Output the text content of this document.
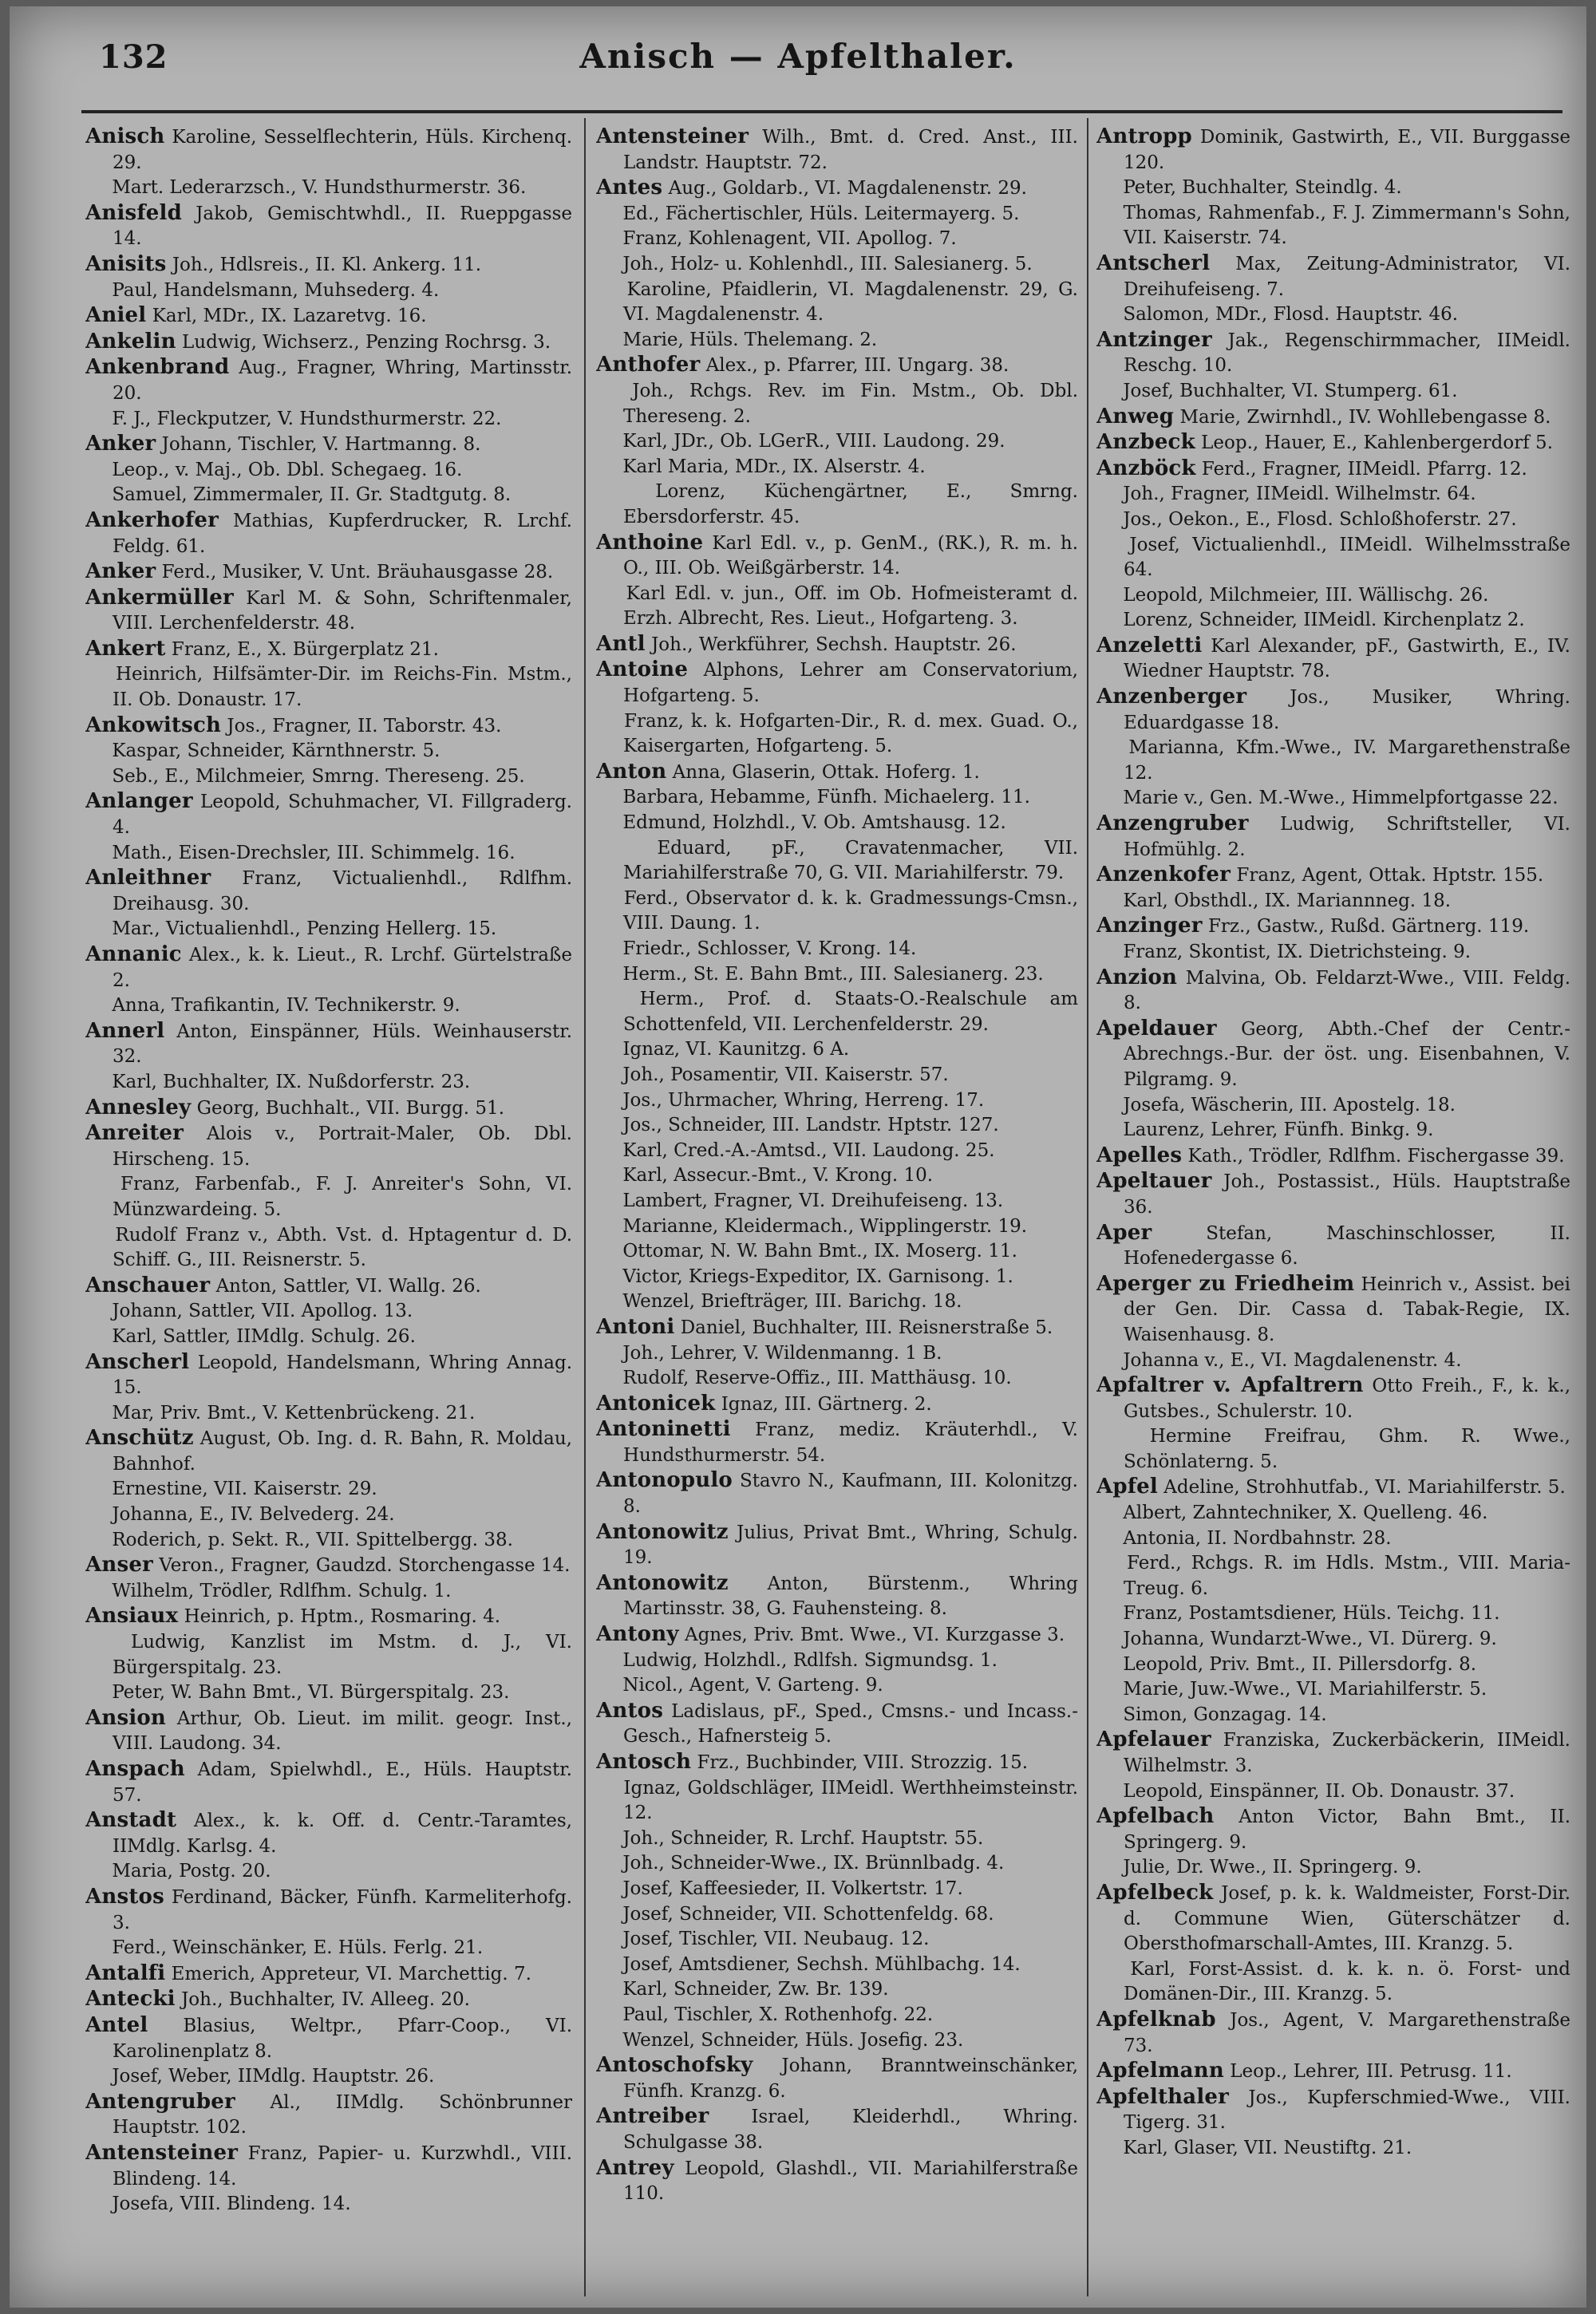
132	Anisch — Apfelthaler.

Anisch Karoline, Sesselflechterin, Hüls. Kirchenq. 29.

Mart. Lederarzsch., V. Hundsthurmerstr. 36.

Anisfeld Jakob, Gemischtwhdl., II. Rueppgasse 14.

Anisits Joh., Hdlsreis., II. Kl. Ankerg. 11.

Paul, Handelsmann, Muhsederg. 4.

Aniel Karl, MDr., IX. Lazaretvg. 16.

Ankelin Ludwig, Wichserz., Penzing Rochrsg. 3.

Ankenbrand Aug., Fragner, Whring, Martinsstr. 20.

F. J., Fleckputzer, V. Hundsthurmerstr. 22.

Anker Johann, Tischler, V. Hartmanng. 8.

Leop., v. Maj., Ob. Dbl. Schegaeg. 16.

Samuel, Zimmermaler, II. Gr. Stadtgutg. 8.

Ankerhofer Mathias, Kupferdrucker, R. Lrchf. Feldg. 61.

Anker Ferd., Musiker, V. Unt. Bräuhausgasse 28.

Ankermüller Karl M. & Sohn, Schriftenmaler, VIII. Lerchenfelderstr. 48.

Ankert Franz, E., X. Bürgerplatz 21.

Heinrich, Hilfsämter-Dir. im Reichs-Fin. Mstm., II. Ob. Donaustr. 17.

Ankowitsch Jos., Fragner, II. Taborstr. 43.

Kaspar, Schneider, Kärnthnerstr. 5.

Seb., E., Milchmeier, Smrng. Thereseng. 25.

Anlanger Leopold, Schuhmacher, VI. Fillgraderg. 4.

Math., Eisen-Drechsler, III. Schimmelg. 16.

Anleithner Franz, Victualienhdl., Rdlfhm. Dreihausg. 30.

Mar., Victualienhdl., Penzing Hellerg. 15.

Annanic Alex., k. k. Lieut., R. Lrchf. Gürtelstraße 2.

Anna, Trafikantin, IV. Technikerstr. 9.

Annerl Anton, Einspänner, Hüls. Weinhauserstr. 32.

Karl, Buchhalter, IX. Nußdorferstr. 23.

Annesley Georg, Buchhalt., VII. Burgg. 51.

Anreiter Alois v., Portrait-Maler, Ob. Dbl. Hirscheng. 15.

Franz, Farbenfab., F. J. Anreiter's Sohn, VI. Münzwardeing. 5.

Rudolf Franz v., Abth. Vst. d. Hptagentur d. D. Schiff. G., III. Reisnerstr. 5.

Anschauer Anton, Sattler, VI. Wallg. 26.

Johann, Sattler, VII. Apollog. 13.

Karl, Sattler, IIMdlg. Schulg. 26.

Anscherl Leopold, Handelsmann, Whring Annag. 15.

Mar, Priv. Bmt., V. Kettenbrückeng. 21.

Anschütz August, Ob. Ing. d. R. Bahn, R. Moldau, Bahnhof.

Ernestine, VII. Kaiserstr. 29.

Johanna, E., IV. Belvederg. 24.

Roderich, p. Sekt. R., VII. Spittelbergg. 38.

Anser Veron., Fragner, Gaudzd. Storchengasse 14.

Wilhelm, Trödler, Rdlfhm. Schulg. 1.

Ansiaux Heinrich, p. Hptm., Rosmaring. 4.

Ludwig, Kanzlist im Mstm. d. J., VI. Bürgerspitalg. 23.

Peter, W. Bahn Bmt., VI. Bürgerspitalg. 23.

Ansion Arthur, Ob. Lieut. im milit. geogr. Inst., VIII. Laudong. 34.

Anspach Adam, Spielwhdl., E., Hüls. Hauptstr. 57.

Anstadt Alex., k. k. Off. d. Centr.-Taramtes, IIMdlg. Karlsg. 4.

Maria, Postg. 20.

Anstos Ferdinand, Bäcker, Fünfh. Karmeliterhofg. 3.

Ferd., Weinschänker, E. Hüls. Ferlg. 21.

Antalfi Emerich, Appreteur, VI. Marchettig. 7.

Antecki Joh., Buchhalter, IV. Alleeg. 20.

Antel Blasius, Weltpr., Pfarr-Coop., VI. Karolinenplatz 8.

Josef, Weber, IIMdlg. Hauptstr. 26.

Antengruber Al., IIMdlg. Schönbrunner Hauptstr. 102.

Antensteiner Franz, Papier- u. Kurzwhdl., VIII. Blindeng. 14.

Josefa, VIII. Blindeng. 14.

Antensteiner Wilh., Bmt. d. Cred. Anst., III. Landstr. Hauptstr. 72.

Antes Aug., Goldarb., VI. Magdalenenstr. 29.

Ed., Fächertischler, Hüls. Leitermayerg. 5.

Franz, Kohlenagent, VII. Apollog. 7.

Joh., Holz- u. Kohlenhdl., III. Salesianerg. 5.

Karoline, Pfaidlerin, VI. Magdalenenstr. 29, G. VI. Magdalenenstr. 4.

Marie, Hüls. Thelemang. 2.

Anthofer Alex., p. Pfarrer, III. Ungarg. 38.

Joh., Rchgs. Rev. im Fin. Mstm., Ob. Dbl. Thereseng. 2.

Karl, JDr., Ob. LGerR., VIII. Laudong. 29.

Karl Maria, MDr., IX. Alserstr. 4.

Lorenz, Küchengärtner, E., Smrng. Ebersdorferstr. 45.

Anthoine Karl Edl. v., p. GenM., (RK.), R. m. h. O., III. Ob. Weißgärberstr. 14.

Karl Edl. v. jun., Off. im Ob. Hofmeisteramt d. Erzh. Albrecht, Res. Lieut., Hofgarteng. 3.

Antl Joh., Werkführer, Sechsh. Hauptstr. 26.

Antoine Alphons, Lehrer am Conservatorium, Hofgarteng. 5.

Franz, k. k. Hofgarten-Dir., R. d. mex. Guad. O., Kaisergarten, Hofgarteng. 5.

Anton Anna, Glaserin, Ottak. Hoferg. 1.

Barbara, Hebamme, Fünfh. Michaelerg. 11.

Edmund, Holzhdl., V. Ob. Amtshausg. 12.

Eduard, pF., Cravatenmacher, VII. Mariahilferstraße 70, G. VII. Mariahilferstr. 79.

Ferd., Observator d. k. k. Gradmessungs-Cmsn., VIII. Daung. 1.

Friedr., Schlosser, V. Krong. 14.

Herm., St. E. Bahn Bmt., III. Salesianerg. 23.

Herm., Prof. d. Staats-O.-Realschule am Schottenfeld, VII. Lerchenfelderstr. 29.

Ignaz, VI. Kaunitzg. 6 A.

Joh., Posamentir, VII. Kaiserstr. 57.

Jos., Uhrmacher, Whring, Herreng. 17.

Jos., Schneider, III. Landstr. Hptstr. 127.

Karl, Cred.-A.-Amtsd., VII. Laudong. 25.

Karl, Assecur.-Bmt., V. Krong. 10.

Lambert, Fragner, VI. Dreihufeiseng. 13.

Marianne, Kleidermach., Wipplingerstr. 19.

Ottomar, N. W. Bahn Bmt., IX. Moserg. 11.

Victor, Kriegs-Expeditor, IX. Garnisong. 1.

Wenzel, Briefträger, III. Barichg. 18.

Antoni Daniel, Buchhalter, III. Reisnerstraße 5.

Joh., Lehrer, V. Wildenmanng. 1 B.

Rudolf, Reserve-Offiz., III. Matthäusg. 10.

Antonicek Ignaz, III. Gärtnerg. 2.

Antoninetti Franz, mediz. Kräuterhdl., V. Hundsthurmerstr. 54.

Antonopulo Stavro N., Kaufmann, III. Kolonitzg. 8.

Antonowitz Julius, Privat Bmt., Whring, Schulg. 19.

Antonowitz Anton, Bürstenm., Whring Martinsstr. 38, G. Fauhensteing. 8.

Antony Agnes, Priv. Bmt. Wwe., VI. Kurzgasse 3.

Ludwig, Holzhdl., Rdlfsh. Sigmundsg. 1.

Nicol., Agent, V. Garteng. 9.

Antos Ladislaus, pF., Sped., Cmsns.- und Incass.-Gesch., Hafnersteig 5.

Antosch Frz., Buchbinder, VIII. Strozzig. 15.

Ignaz, Goldschläger, IIMeidl. Werthheimsteinstr. 12.

Joh., Schneider, R. Lrchf. Hauptstr. 55.

Joh., Schneider-Wwe., IX. Brünnlbadg. 4.

Josef, Kaffeesieder, II. Volkertstr. 17.

Josef, Schneider, VII. Schottenfeldg. 68.

Josef, Tischler, VII. Neubaug. 12.

Josef, Amtsdiener, Sechsh. Mühlbachg. 14.

Karl, Schneider, Zw. Br. 139.

Paul, Tischler, X. Rothenhofg. 22.

Wenzel, Schneider, Hüls. Josefig. 23.

Antoschofsky Johann, Branntweinschänker, Fünfh. Kranzg. 6.

Antreiber Israel, Kleiderhdl., Whring. Schulgasse 38.

Antrey Leopold, Glashdl., VII. Mariahilferstraße 110.

Antropp Dominik, Gastwirth, E., VII. Burggasse 120.

Peter, Buchhalter, Steindlg. 4.

Thomas, Rahmenfab., F. J. Zimmermann's Sohn, VII. Kaiserstr. 74.

Antscherl Max, Zeitung-Administrator, VI. Dreihufeiseng. 7.

Salomon, MDr., Flosd. Hauptstr. 46.

Antzinger Jak., Regenschirmmacher, IIMeidl. Reschg. 10.

Josef, Buchhalter, VI. Stumperg. 61.

Anweg Marie, Zwirnhdl., IV. Wohllebengasse 8.

Anzbeck Leop., Hauer, E., Kahlenbergerdorf 5.

Anzböck Ferd., Fragner, IIMeidl. Pfarrg. 12.

Joh., Fragner, IIMeidl. Wilhelmstr. 64.

Jos., Oekon., E., Flosd. Schloßhoferstr. 27.

Josef, Victualienhdl., IIMeidl. Wilhelmsstraße 64.

Leopold, Milchmeier, III. Wällischg. 26.

Lorenz, Schneider, IIMeidl. Kirchenplatz 2.

Anzeletti Karl Alexander, pF., Gastwirth, E., IV. Wiedner Hauptstr. 78.

Anzenberger Jos., Musiker, Whring. Eduardgasse 18.

Marianna, Kfm.-Wwe., IV. Margarethenstraße 12.

Marie v., Gen. M.-Wwe., Himmelpfortgasse 22.

Anzengruber Ludwig, Schriftsteller, VI. Hofmühlg. 2.

Anzenkofer Franz, Agent, Ottak. Hptstr. 155.

Karl, Obsthdl., IX. Mariannneg. 18.

Anzinger Frz., Gastw., Rußd. Gärtnerg. 119.

Franz, Skontist, IX. Dietrichsteing. 9.

Anzion Malvina, Ob. Feldarzt-Wwe., VIII. Feldg. 8.

Apeldauer Georg, Abth.-Chef der Centr.-Abrechngs.-Bur. der öst. ung. Eisenbahnen, V. Pilgramg. 9.

Josefa, Wäscherin, III. Apostelg. 18.

Laurenz, Lehrer, Fünfh. Binkg. 9.

Apelles Kath., Trödler, Rdlfhm. Fischergasse 39.

Apeltauer Joh., Postassist., Hüls. Hauptstraße 36.

Aper	Stefan, Maschinschlosser, II. Hofenedergasse 6.

Aperger zu Friedheim Heinrich v., Assist. bei der Gen. Dir. Cassa d. Tabak-Regie, IX. Waisenhausg. 8.

Johanna v., E., VI. Magdalenenstr. 4.

Apfaltrer v. Apfaltrern Otto Freih., F., k. k., Gutsbes., Schulerstr. 10.

Hermine Freifrau, Ghm. R. Wwe., Schönlaterng. 5.

Apfel Adeline, Strohhutfab., VI. Mariahilferstr. 5.

Albert, Zahntechniker, X. Quelleng. 46.

Antonia, II. Nordbahnstr. 28.

Ferd., Rchgs. R. im Hdls. Mstm., VIII. Maria-Treug. 6.

Franz, Postamtsdiener, Hüls. Teichg. 11.

Johanna, Wundarzt-Wwe., VI. Dürerg. 9.

Leopold, Priv. Bmt., II. Pillersdorfg. 8.

Marie, Juw.-Wwe., VI. Mariahilferstr. 5.

Simon, Gonzagag. 14.

Apfelauer Franziska, Zuckerbäckerin, IIMeidl. Wilhelmstr. 3.

Leopold, Einspänner, II. Ob. Donaustr. 37.

Apfelbach Anton Victor, Bahn Bmt., II. Springerg. 9.

Julie, Dr. Wwe., II. Springerg. 9.

Apfelbeck Josef, p. k. k. Waldmeister, Forst-Dir. d. Commune Wien, Güterschätzer d. Obersthofmarschall-Amtes, III. Kranzg. 5.

Karl, Forst-Assist. d. k. k. n. ö. Forst- und Domänen-Dir., III. Kranzg. 5.

Apfelknab Jos., Agent, V. Margarethenstraße 73.

Apfelmann Leop., Lehrer, III. Petrusg. 11.

Apfelthaler Jos., Kupferschmied-Wwe., VIII. Tigerg. 31.

Karl, Glaser, VII. Neustiftg. 21.
